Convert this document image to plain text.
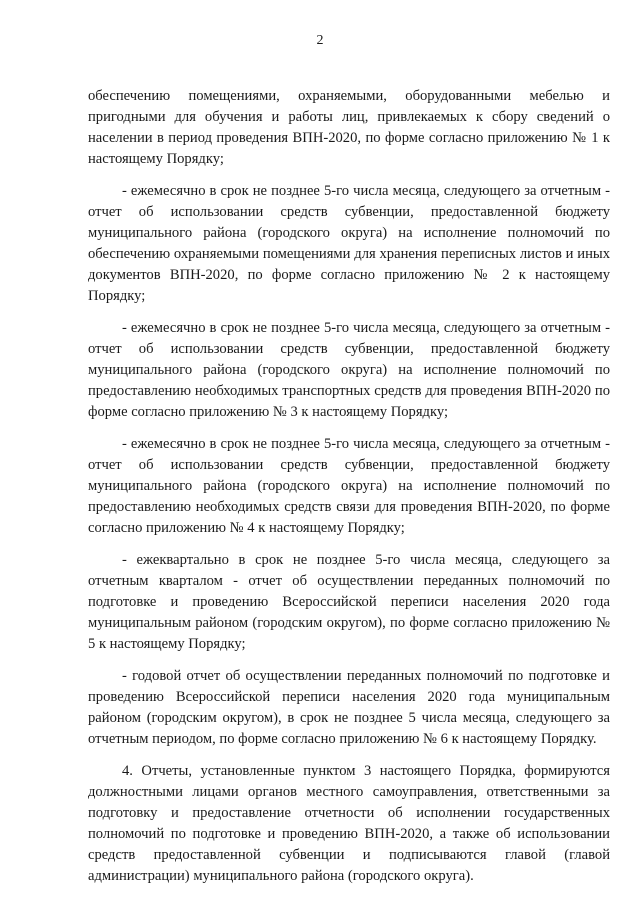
2

обеспечению помещениями, охраняемыми, оборудованными мебелью и пригодными для обучения и работы лиц, привлекаемых к сбору сведений о населении в период проведения ВПН-2020, по форме согласно приложению № 1 к настоящему Порядку;

- ежемесячно в срок не позднее 5-го числа месяца, следующего за отчетным - отчет об использовании средств субвенции, предоставленной бюджету муниципального района (городского округа) на исполнение полномочий по обеспечению охраняемыми помещениями для хранения переписных листов и иных документов ВПН-2020, по форме согласно приложению № 2 к настоящему Порядку;

- ежемесячно в срок не позднее 5-го числа месяца, следующего за отчетным - отчет об использовании средств субвенции, предоставленной бюджету муниципального района (городского округа) на исполнение полномочий по предоставлению необходимых транспортных средств для проведения ВПН-2020 по форме согласно приложению № 3 к настоящему Порядку;

- ежемесячно в срок не позднее 5-го числа месяца, следующего за отчетным - отчет об использовании средств субвенции, предоставленной бюджету муниципального района (городского округа) на исполнение полномочий по предоставлению необходимых средств связи для проведения ВПН-2020, по форме согласно приложению № 4 к настоящему Порядку;

- ежеквартально в срок не позднее 5-го числа месяца, следующего за отчетным кварталом - отчет об осуществлении переданных полномочий по подготовке и проведению Всероссийской переписи населения 2020 года муниципальным районом (городским округом), по форме согласно приложению № 5 к настоящему Порядку;

- годовой отчет об осуществлении переданных полномочий по подготовке и проведению Всероссийской переписи населения 2020 года муниципальным районом (городским округом), в срок не позднее 5 числа месяца, следующего за отчетным периодом, по форме согласно приложению № 6 к настоящему Порядку.

4. Отчеты, установленные пунктом 3 настоящего Порядка, формируются должностными лицами органов местного самоуправления, ответственными за подготовку и предоставление отчетности об исполнении государственных полномочий по подготовке и проведению ВПН-2020, а также об использовании средств предоставленной субвенции и подписываются главой (главой администрации) муниципального района (городского округа).
